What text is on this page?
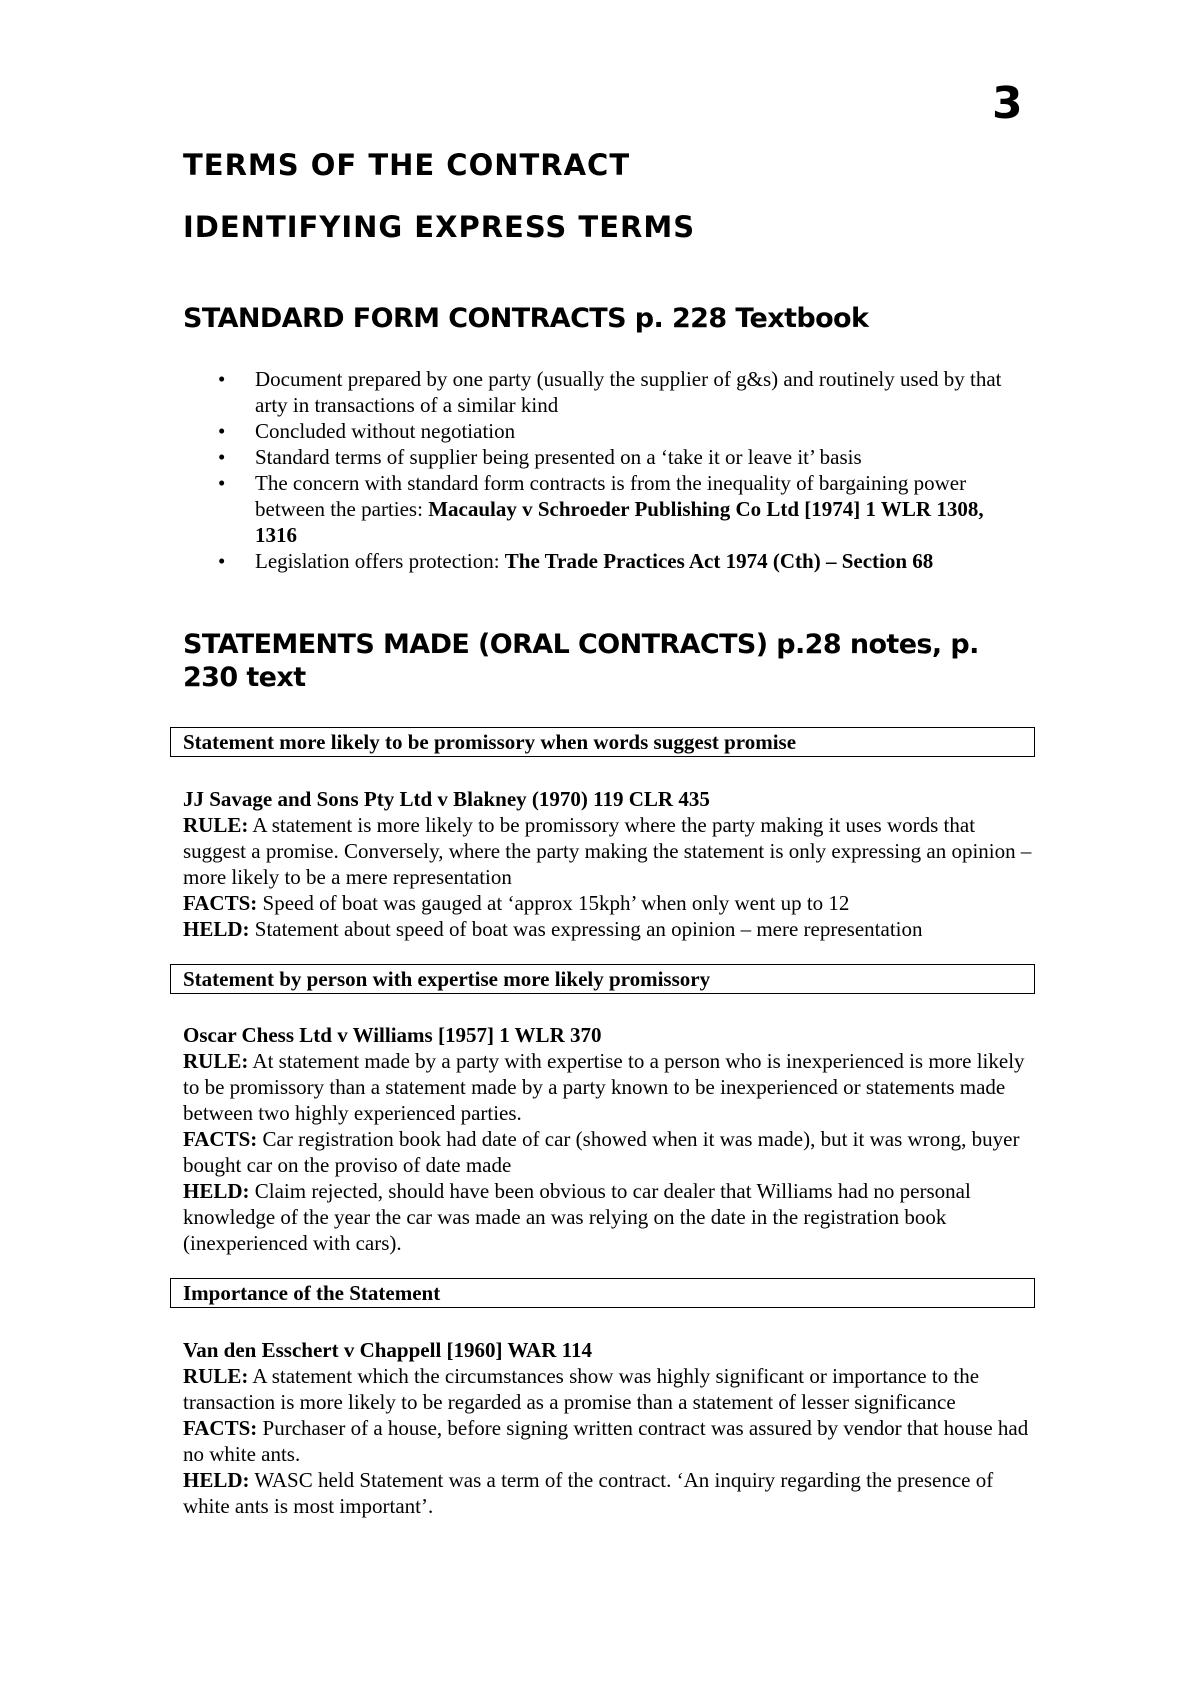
3
TERMS OF THE CONTRACT
IDENTIFYING EXPRESS TERMS
STANDARD FORM CONTRACTS p. 228 Textbook
• Document prepared by one party (usually the supplier of g&s) and routinely used by that arty in transactions of a similar kind
• Concluded without negotiation
• Standard terms of supplier being presented on a ‘take it or leave it’ basis
• The concern with standard form contracts is from the inequality of bargaining power between the parties: Macaulay v Schroeder Publishing Co Ltd [1974] 1 WLR 1308, 1316
• Legislation offers protection: The Trade Practices Act 1974 (Cth) – Section 68
STATEMENTS MADE (ORAL CONTRACTS) p.28 notes, p. 230 text
Statement more likely to be promissory when words suggest promise

JJ Savage and Sons Pty Ltd v Blakney (1970) 119 CLR 435

RULE: A statement is more likely to be promissory where the party making it uses words that suggest a promise. Conversely, where the party making the statement is only expressing an opinion – more likely to be a mere representation

FACTS: Speed of boat was gauged at ‘approx 15kph’ when only went up to 12

HELD: Statement about speed of boat was expressing an opinion – mere representation

Statement by person with expertise more likely promissory

Oscar Chess Ltd v Williams [1957] 1 WLR 370

RULE: At statement made by a party with expertise to a person who is inexperienced is more likely to be promissory than a statement made by a party known to be inexperienced or statements made between two highly experienced parties.

FACTS: Car registration book had date of car (showed when it was made), but it was wrong, buyer bought car on the proviso of date made

HELD: Claim rejected, should have been obvious to car dealer that Williams had no personal knowledge of the year the car was made an was relying on the date in the registration book (inexperienced with cars).

Importance of the Statement

Van den Esschert v Chappell [1960] WAR 114

RULE: A statement which the circumstances show was highly significant or importance to the transaction is more likely to be regarded as a promise than a statement of lesser significance

FACTS: Purchaser of a house, before signing written contract was assured by vendor that house had no white ants.

HELD: WASC held Statement was a term of the contract. ‘An inquiry regarding the presence of white ants is most important’.
